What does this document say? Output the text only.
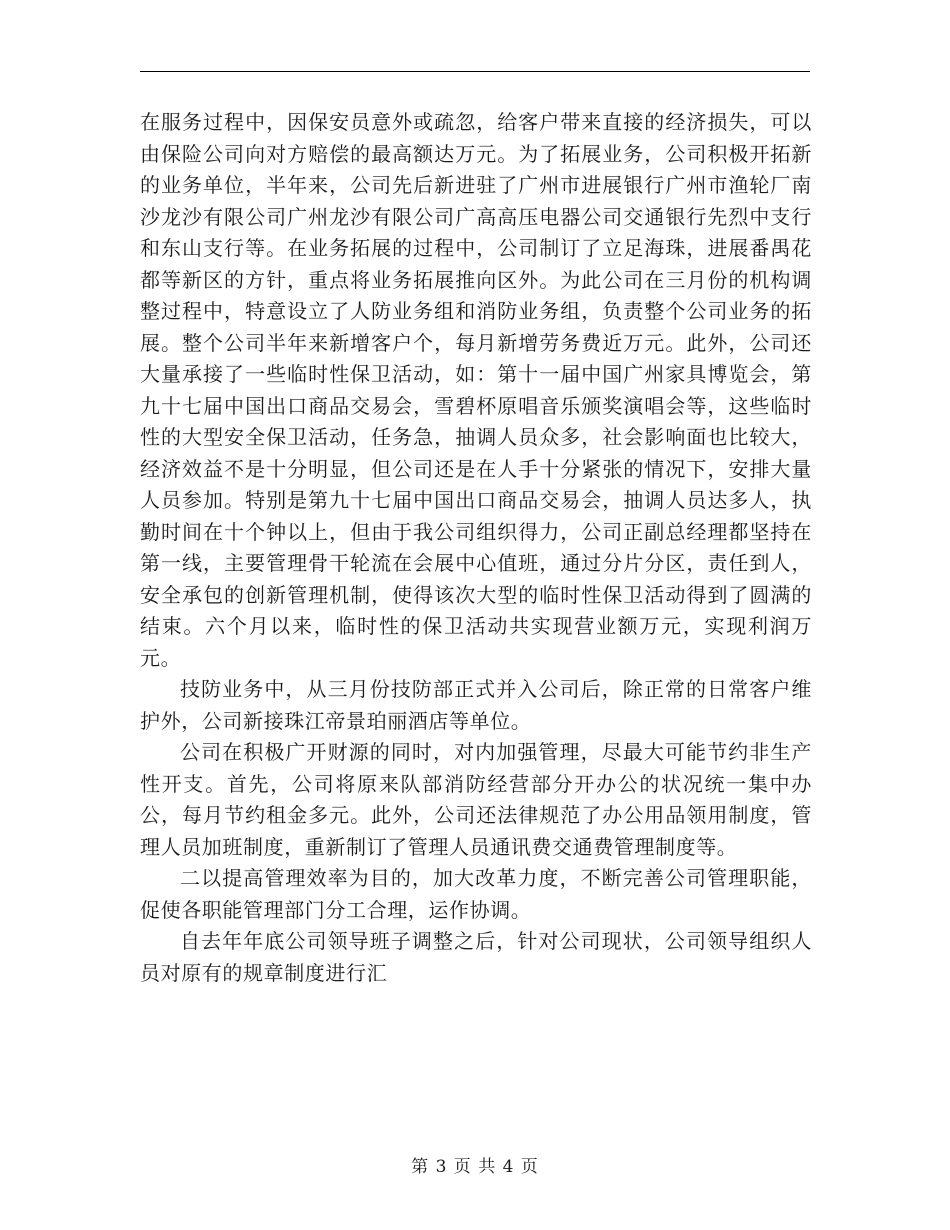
在服务过程中，因保安员意外或疏忽，给客户带来直接的经济损失，可以由保险公司向对方赔偿的最高额达万元。为了拓展业务，公司积极开拓新的业务单位，半年来，公司先后新进驻了广州市进展银行广州市渔轮厂南沙龙沙有限公司广州龙沙有限公司广高高压电器公司交通银行先烈中支行和东山支行等。在业务拓展的过程中，公司制订了立足海珠，进展番禺花都等新区的方针，重点将业务拓展推向区外。为此公司在三月份的机构调整过程中，特意设立了人防业务组和消防业务组，负责整个公司业务的拓展。整个公司半年来新增客户个，每月新增劳务费近万元。此外，公司还大量承接了一些临时性保卫活动，如：第十一届中国广州家具博览会，第九十七届中国出口商品交易会，雪碧杯原唱音乐颁奖演唱会等，这些临时性的大型安全保卫活动，任务急，抽调人员众多，社会影响面也比较大，经济效益不是十分明显，但公司还是在人手十分紧张的情况下，安排大量人员参加。特别是第九十七届中国出口商品交易会，抽调人员达多人，执勤时间在十个钟以上，但由于我公司组织得力，公司正副总经理都坚持在第一线，主要管理骨干轮流在会展中心值班，通过分片分区，责任到人，安全承包的创新管理机制，使得该次大型的临时性保卫活动得到了圆满的结束。六个月以来，临时性的保卫活动共实现营业额万元，实现利润万元。

技防业务中，从三月份技防部正式并入公司后，除正常的日常客户维护外，公司新接珠江帝景珀丽酒店等单位。

公司在积极广开财源的同时，对内加强管理，尽最大可能节约非生产性开支。首先，公司将原来队部消防经营部分开办公的状况统一集中办公，每月节约租金多元。此外，公司还法律规范了办公用品领用制度，管理人员加班制度，重新制订了管理人员通讯费交通费管理制度等。

二以提高管理效率为目的，加大改革力度，不断完善公司管理职能，促使各职能管理部门分工合理，运作协调。

自去年年底公司领导班子调整之后，针对公司现状，公司领导组织人员对原有的规章制度进行汇

第 3 页 共 4 页
